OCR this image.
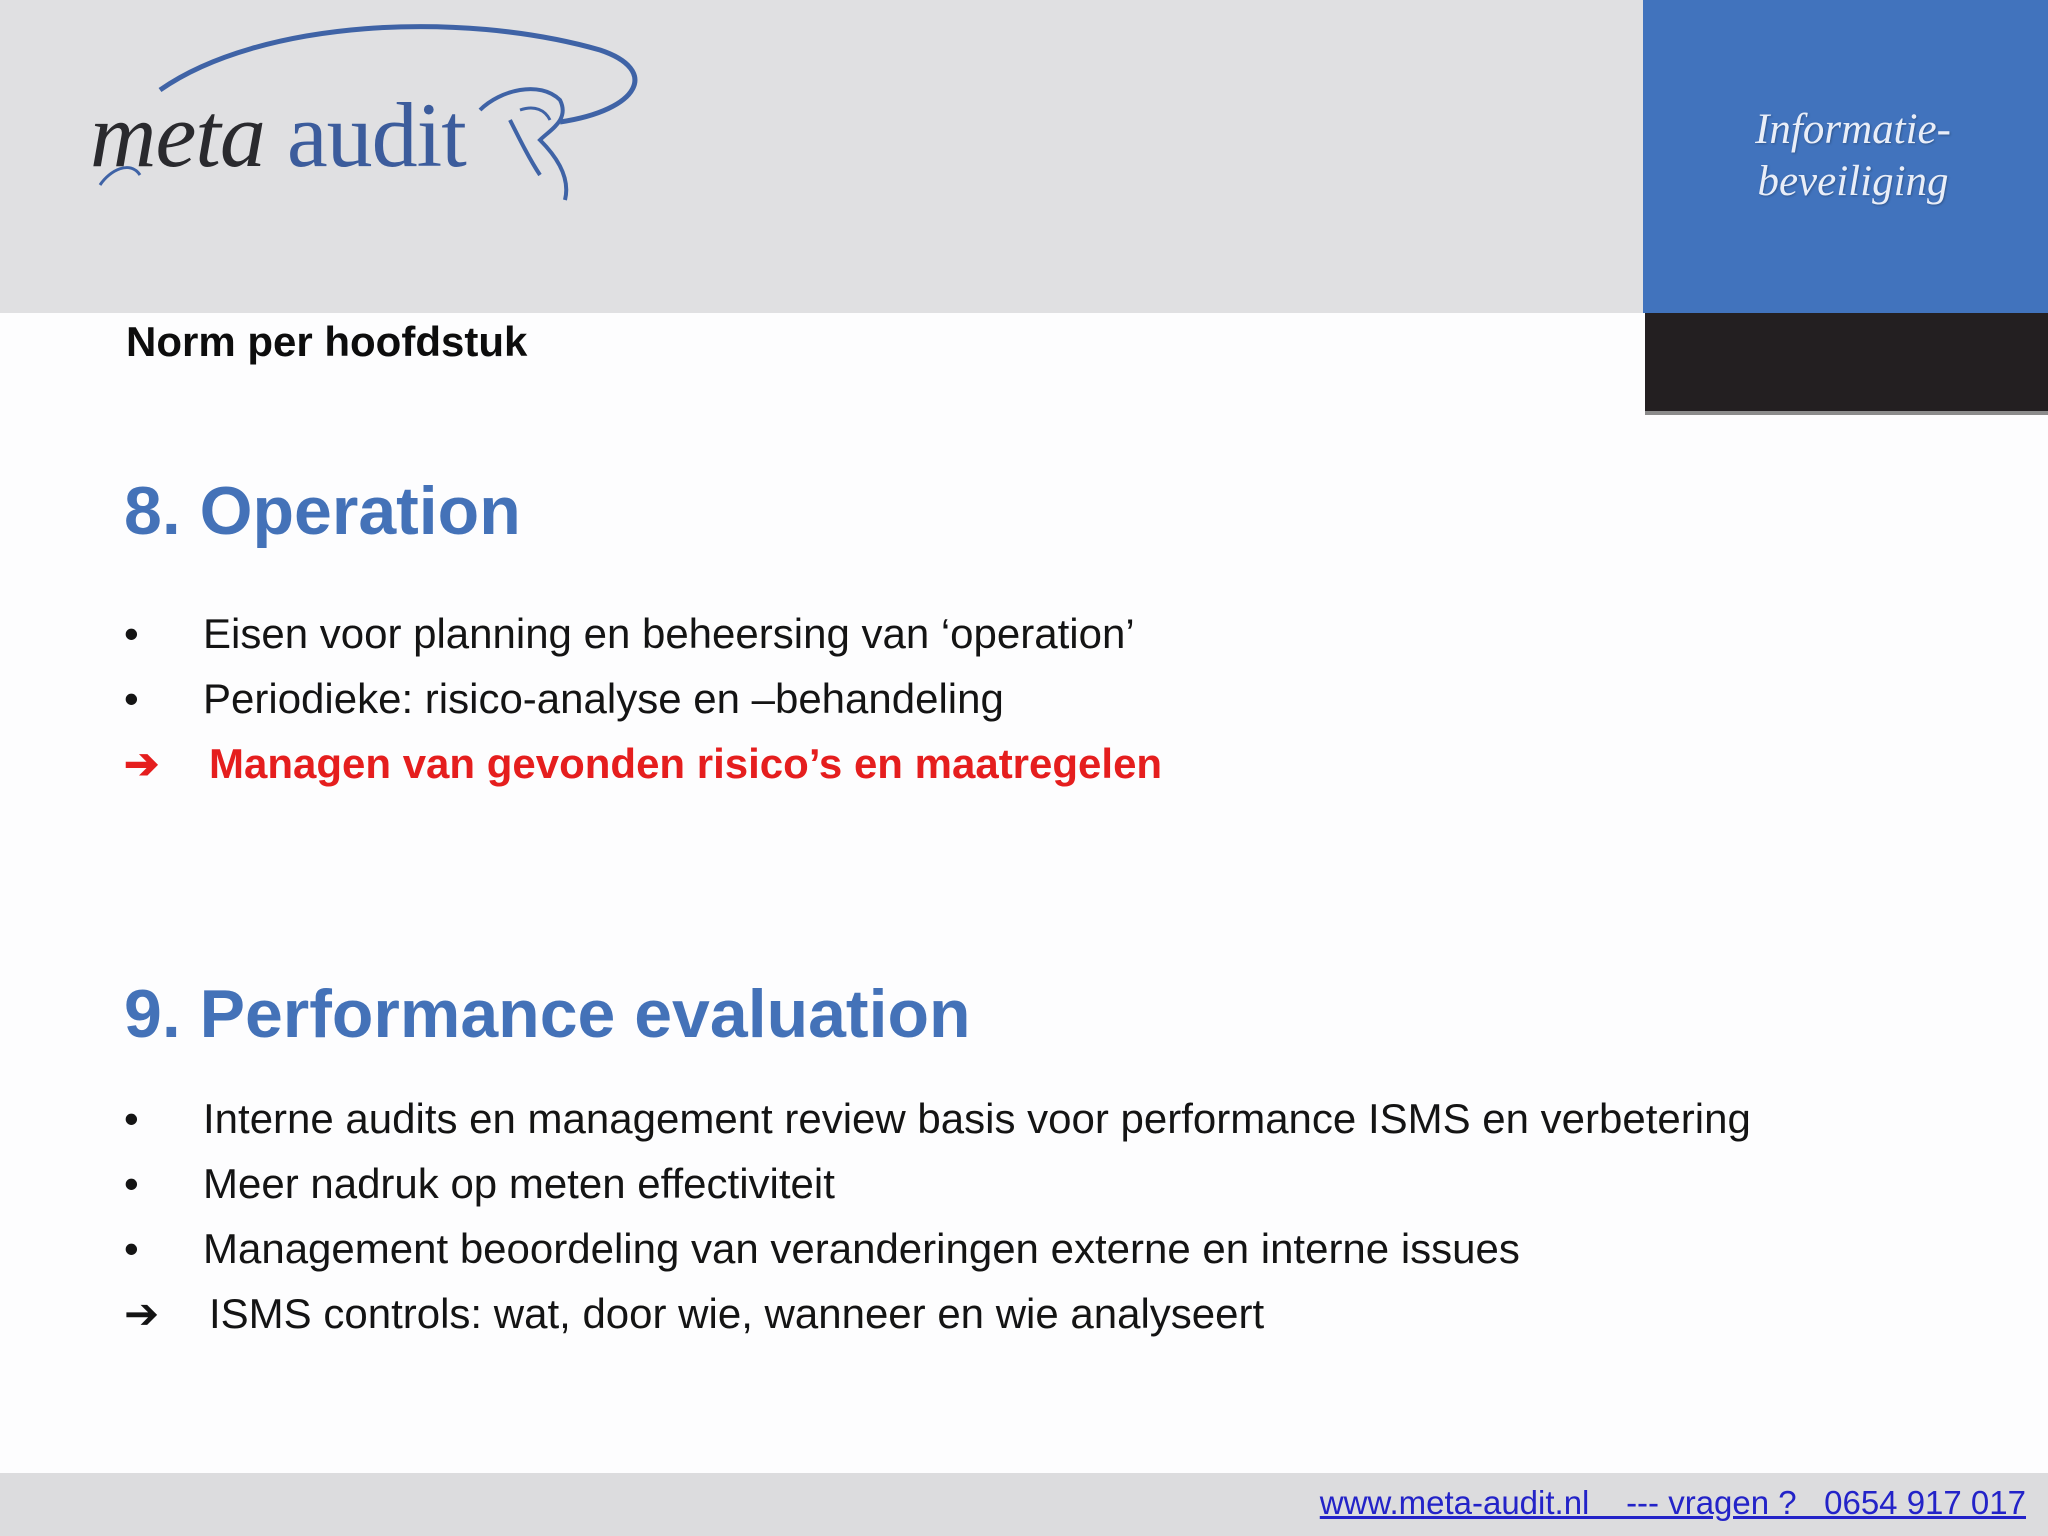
meta audit	Informatie-
beveiliging
Norm per hoofdstuk
8. Operation
•	Eisen voor planning en beheersing van ‘operation’
•	Periodieke: risico-analyse en –behandeling
➔	Managen van gevonden risico’s en maatregelen
9. Performance evaluation
•	Interne audits en management review basis voor performance ISMS en verbetering
•	Meer nadruk op meten effectiviteit
•	Management beoordeling van veranderingen externe en interne issues
➔	ISMS controls: wat, door wie, wanneer en wie analyseert
www.meta-audit.nl    --- vragen ?   0654 917 017
